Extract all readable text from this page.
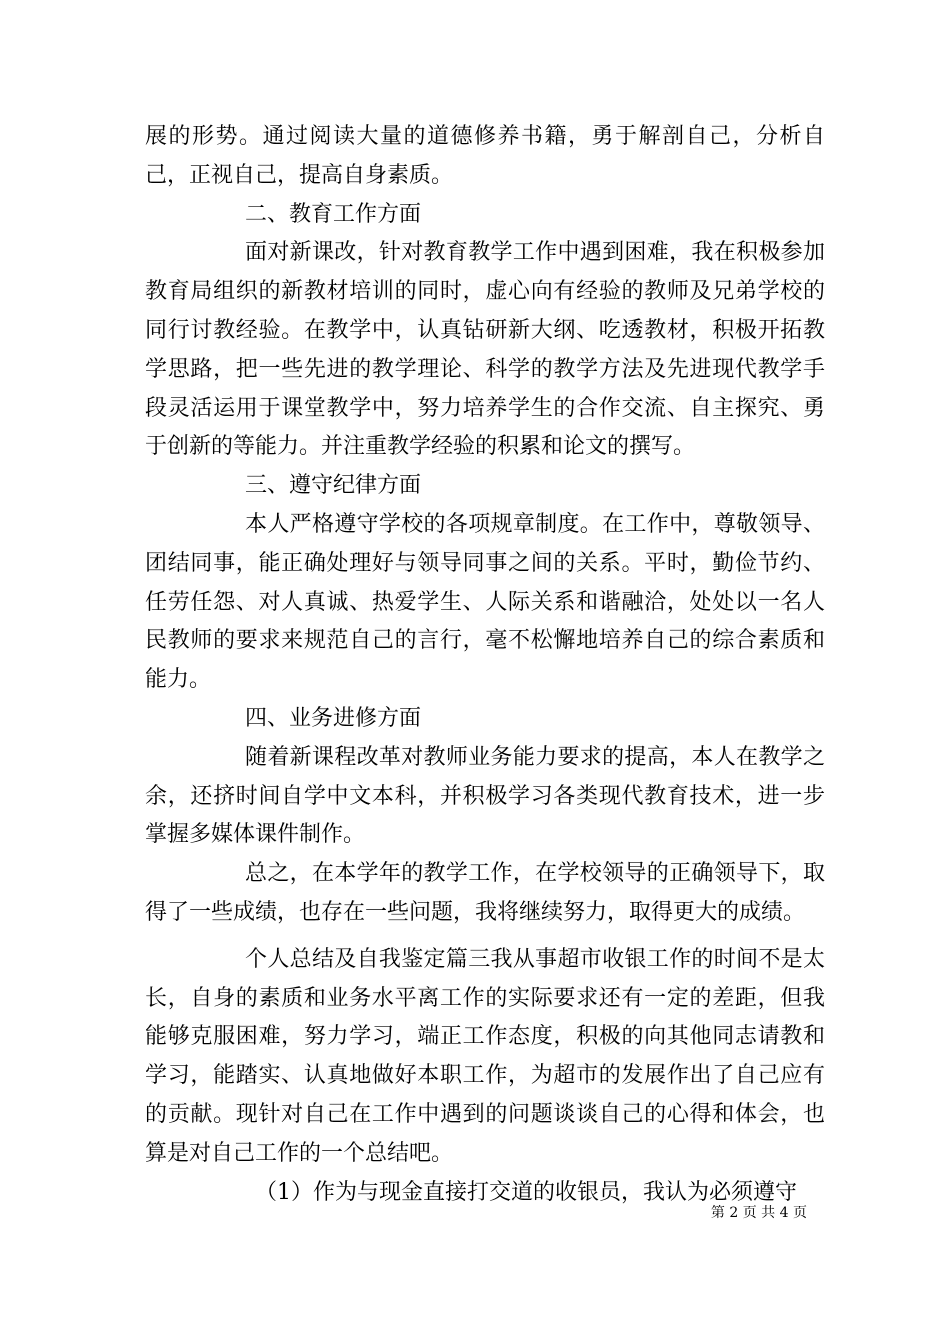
展的形势。通过阅读大量的道德修养书籍，勇于解剖自己，分析自己，正视自己，提高自身素质。

二、教育工作方面

面对新课改，针对教育教学工作中遇到困难，我在积极参加教育局组织的新教材培训的同时，虚心向有经验的教师及兄弟学校的同行讨教经验。在教学中，认真钻研新大纲、吃透教材，积极开拓教学思路，把一些先进的教学理论、科学的教学方法及先进现代教学手段灵活运用于课堂教学中，努力培养学生的合作交流、自主探究、勇于创新的等能力。并注重教学经验的积累和论文的撰写。

三、遵守纪律方面

本人严格遵守学校的各项规章制度。在工作中，尊敬领导、团结同事，能正确处理好与领导同事之间的关系。平时，勤俭节约、任劳任怨、对人真诚、热爱学生、人际关系和谐融洽，处处以一名人民教师的要求来规范自己的言行，毫不松懈地培养自己的综合素质和能力。

四、业务进修方面

随着新课程改革对教师业务能力要求的提高，本人在教学之余，还挤时间自学中文本科，并积极学习各类现代教育技术，进一步掌握多媒体课件制作。

总之，在本学年的教学工作，在学校领导的正确领导下，取得了一些成绩，也存在一些问题，我将继续努力，取得更大的成绩。

个人总结及自我鉴定篇三我从事超市收银工作的时间不是太长，自身的素质和业务水平离工作的实际要求还有一定的差距，但我能够克服困难，努力学习，端正工作态度，积极的向其他同志请教和学习，能踏实、认真地做好本职工作，为超市的发展作出了自己应有的贡献。现针对自己在工作中遇到的问题谈谈自己的心得和体会，也算是对自己工作的一个总结吧。

（1）作为与现金直接打交道的收银员，我认为必须遵守

第 2 页 共 4 页
